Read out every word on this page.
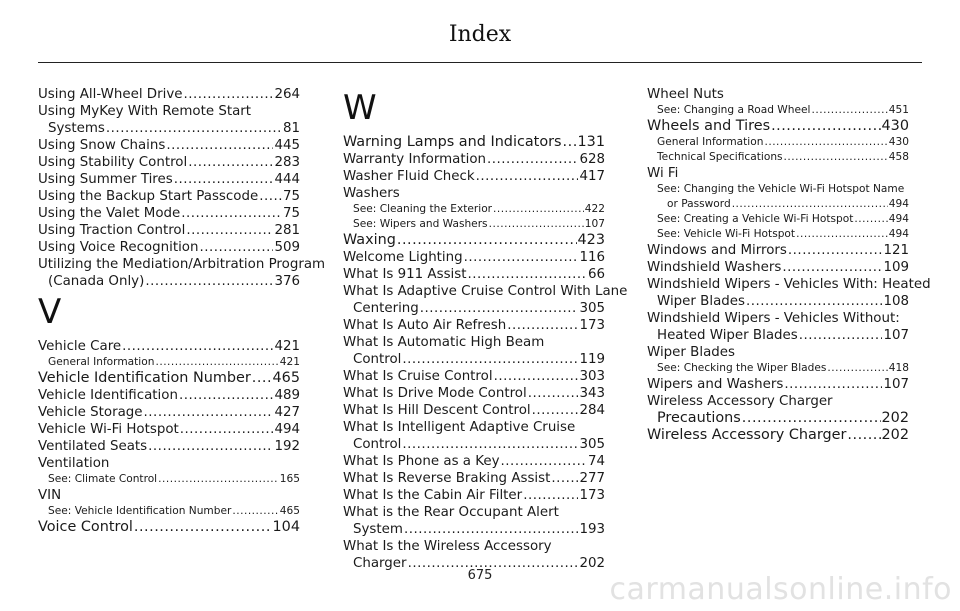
Index
Using All-Wheel Drive .....	264
Using MyKey With Remote Start
Systems .....	81
Using Snow Chains .....	445
Using Stability Control .....	283
Using Summer Tires .....	444
Using the Backup Start Passcode ..... 75
Using the Valet Mode .....	75
Using Traction Control .....	281
Using Voice Recognition .....	509
Utilizing the Mediation/Arbitration Program
(Canada Only) .....	376
V
Vehicle Care .....	421
General Information .....	421
Vehicle Identification Number ..... 465
Vehicle Identification .....	489
Vehicle Storage .....	427
Vehicle Wi-Fi Hotspot .....	494
Ventilated Seats .....	192
Ventilation
See: Climate Control .....	165
VIN
See: Vehicle Identification Number .....	465
Voice Control .....	104
W
Warning Lamps and Indicators ..... 131
Warranty Information .....	628
Washer Fluid Check .....	417
Washers
See: Cleaning the Exterior .....	422
See: Wipers and Washers .....	107
Waxing .....	423
Welcome Lighting .....	116
What Is 911 Assist .....	66
What Is Adaptive Cruise Control With Lane
Centering .....	305
What Is Auto Air Refresh .....	173
What Is Automatic High Beam
Control .....	119
What Is Cruise Control .....	303
What Is Drive Mode Control .....	343
What Is Hill Descent Control .....	284
What Is Intelligent Adaptive Cruise
Control .....	305
What Is Phone as a Key .....	74
What Is Reverse Braking Assist ..... 277
What Is the Cabin Air Filter .....	173
What is the Rear Occupant Alert
System .....	193
What Is the Wireless Accessory
Charger .....	202
Wheel Nuts
See: Changing a Road Wheel .....	451
Wheels and Tires .....	430
General Information .....	430
Technical Specifications .....	458
Wi Fi
See: Changing the Vehicle Wi-Fi Hotspot Name
or Password .....	494
See: Creating a Vehicle Wi-Fi Hotspot .....	494
See: Vehicle Wi-Fi Hotspot .....	494
Windows and Mirrors .....	121
Windshield Washers .....	109
Windshield Wipers - Vehicles With: Heated
Wiper Blades .....	108
Windshield Wipers - Vehicles Without:
Heated Wiper Blades .....	107
Wiper Blades
See: Checking the Wiper Blades .....	418
Wipers and Washers .....	107
Wireless Accessory Charger
Precautions .....	202
Wireless Accessory Charger ..... 202
675	carmanualsonline.info
